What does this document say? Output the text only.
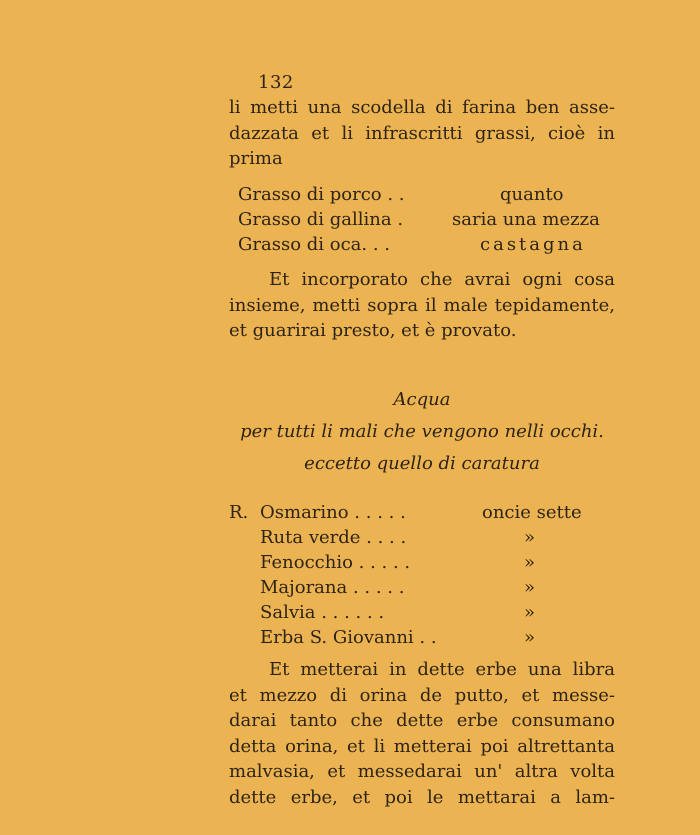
132
li metti una scodella di farina ben asse-
dazzata et li infrascritti grassi, cioè in
prima
Grasso di porco . .	quanto
Grasso di gallina .	saria una mezza
Grasso di oca. . .	castagna
Et incorporato che avrai ogni cosa
insieme, metti sopra il male tepidamente,
et guarirai presto, et è provato.
Acqua
per tutti li mali che vengono nelli occhi.
eccetto quello di caratura
R. Osmarino . . . . .	oncie sette
Ruta verde . . . .	»
Fenocchio . . . . .	»
Majorana . . . . .	»
Salvia . . . . . .	»
Erba S. Giovanni . .	»
Et metterai in dette erbe una libra
et mezzo di orina de putto, et messe-
darai tanto che dette erbe consumano
detta orina, et li metterai poi altrettanta
malvasia, et messedarai un' altra volta
dette erbe, et poi le mettarai a lam-
